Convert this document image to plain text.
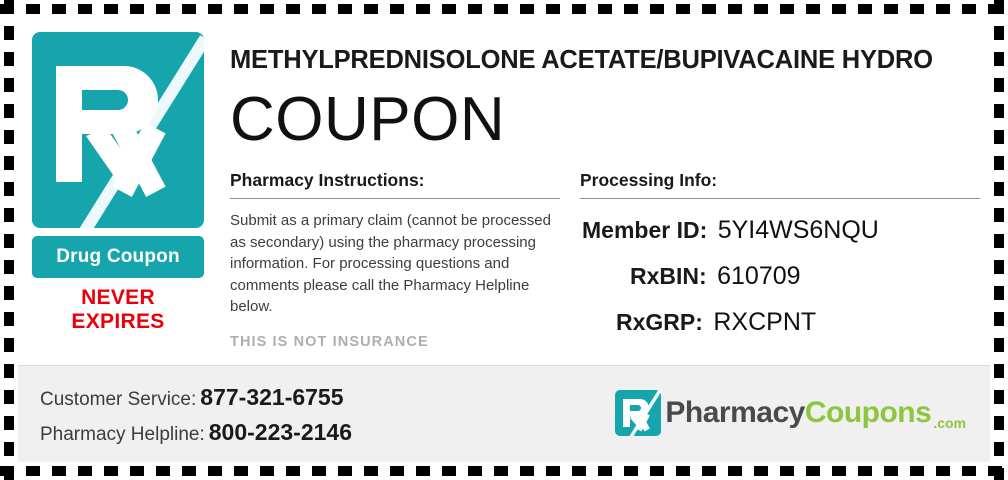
Drug Coupon
NEVER EXPIRES
METHYLPREDNISOLONE ACETATE/BUPIVACAINE HYDRO
COUPON
Pharmacy Instructions:
Submit as a primary claim (cannot be processed as secondary) using the pharmacy processing information. For processing questions and comments please call the Pharmacy Helpline below.
THIS IS NOT INSURANCE
Processing Info:
Member ID: 5YI4WS6NQU
RxBIN: 610709
RxGRP: RXCPNT
Customer Service: 877-321-6755
Pharmacy Helpline: 800-223-2146
Pharmacy Coupons .com
